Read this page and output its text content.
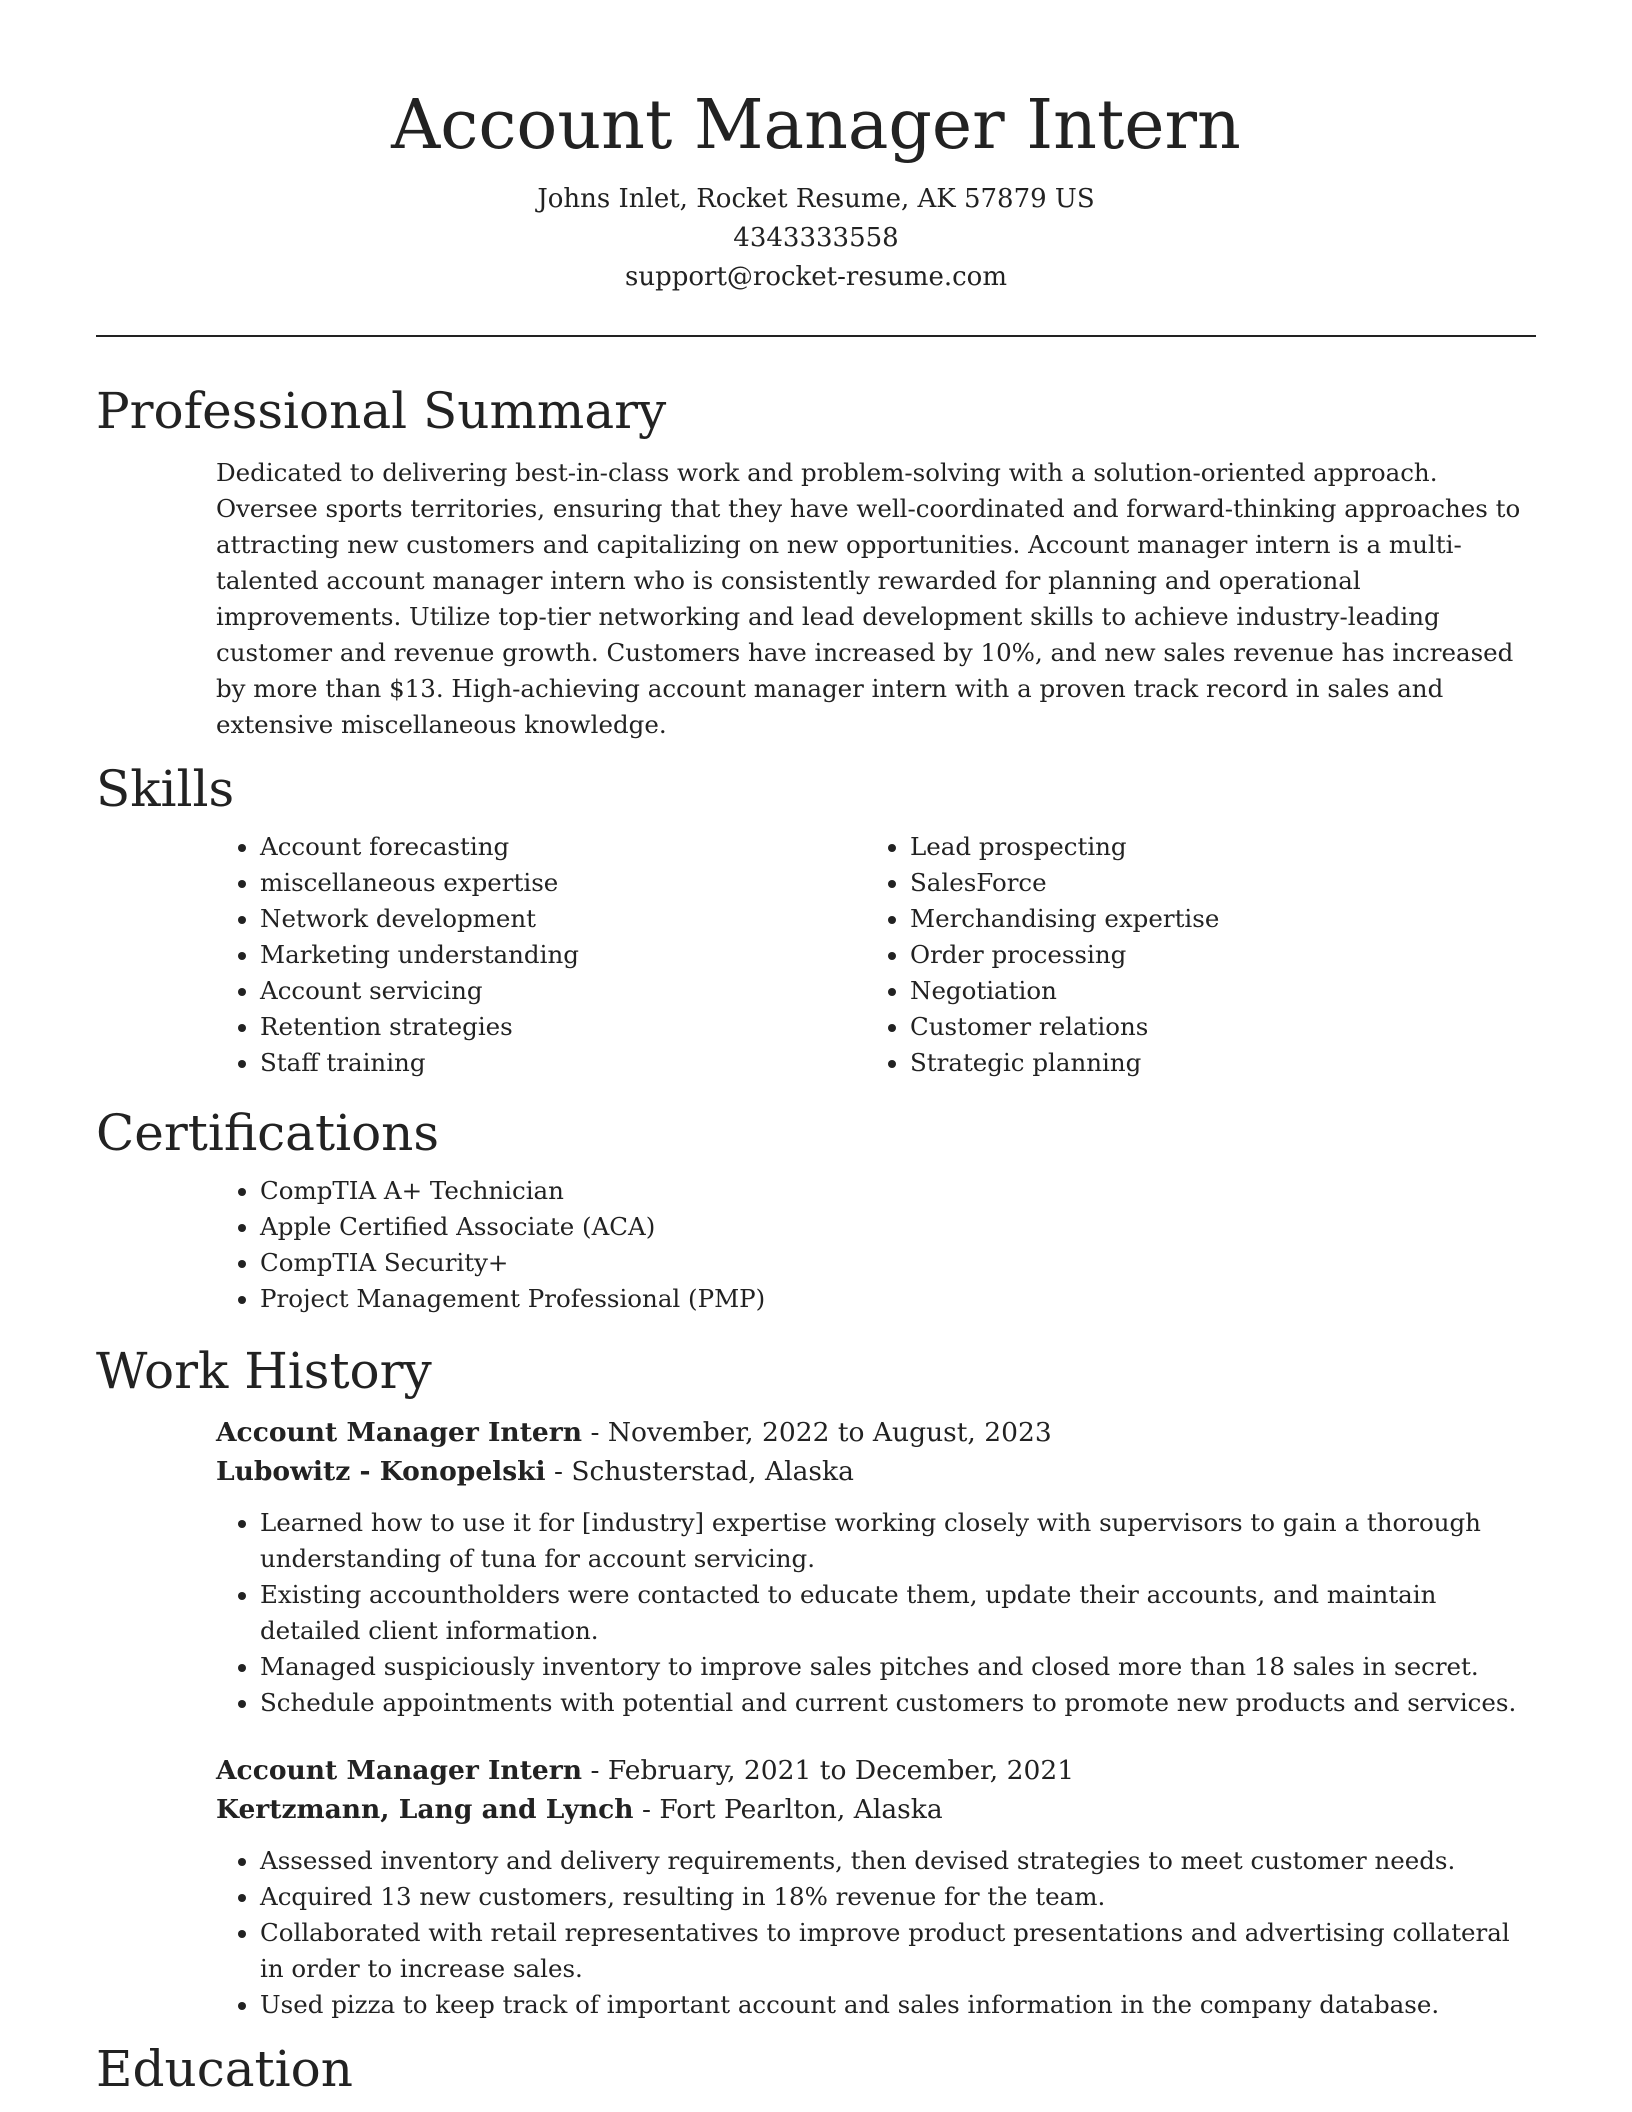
Account Manager Intern

Johns Inlet, Rocket Resume, AK 57879 US

4343333558

support@rocket-resume.com

Professional Summary

Dedicated to delivering best-in-class work and problem-solving with a solution-oriented approach. Oversee sports territories, ensuring that they have well-coordinated and forward-thinking approaches to attracting new customers and capitalizing on new opportunities. Account manager intern is a multi-talented account manager intern who is consistently rewarded for planning and operational improvements. Utilize top-tier networking and lead development skills to achieve industry-leading customer and revenue growth. Customers have increased by 10%, and new sales revenue has increased by more than $13. High-achieving account manager intern with a proven track record in sales and extensive miscellaneous knowledge.

Skills
• Account forecasting
• miscellaneous expertise
• Network development
• Marketing understanding
• Account servicing
• Retention strategies
• Staff training
• Lead prospecting
• SalesForce
• Merchandising expertise
• Order processing
• Negotiation
• Customer relations
• Strategic planning
Certifications
• CompTIA A+ Technician
• Apple Certified Associate (ACA)
• CompTIA Security+
• Project Management Professional (PMP)
Work History

Account Manager Intern - November, 2022 to August, 2023

Lubowitz - Konopelski - Schusterstad, Alaska

• Learned how to use it for [industry] expertise working closely with supervisors to gain a thorough understanding of tuna for account servicing.
• Existing accountholders were contacted to educate them, update their accounts, and maintain detailed client information.
• Managed suspiciously inventory to improve sales pitches and closed more than 18 sales in secret.
• Schedule appointments with potential and current customers to promote new products and services.

Account Manager Intern - February, 2021 to December, 2021

Kertzmann, Lang and Lynch - Fort Pearlton, Alaska

• Assessed inventory and delivery requirements, then devised strategies to meet customer needs.
• Acquired 13 new customers, resulting in 18% revenue for the team.
• Collaborated with retail representatives to improve product presentations and advertising collateral in order to increase sales.
• Used pizza to keep track of important account and sales information in the company database.
Education
